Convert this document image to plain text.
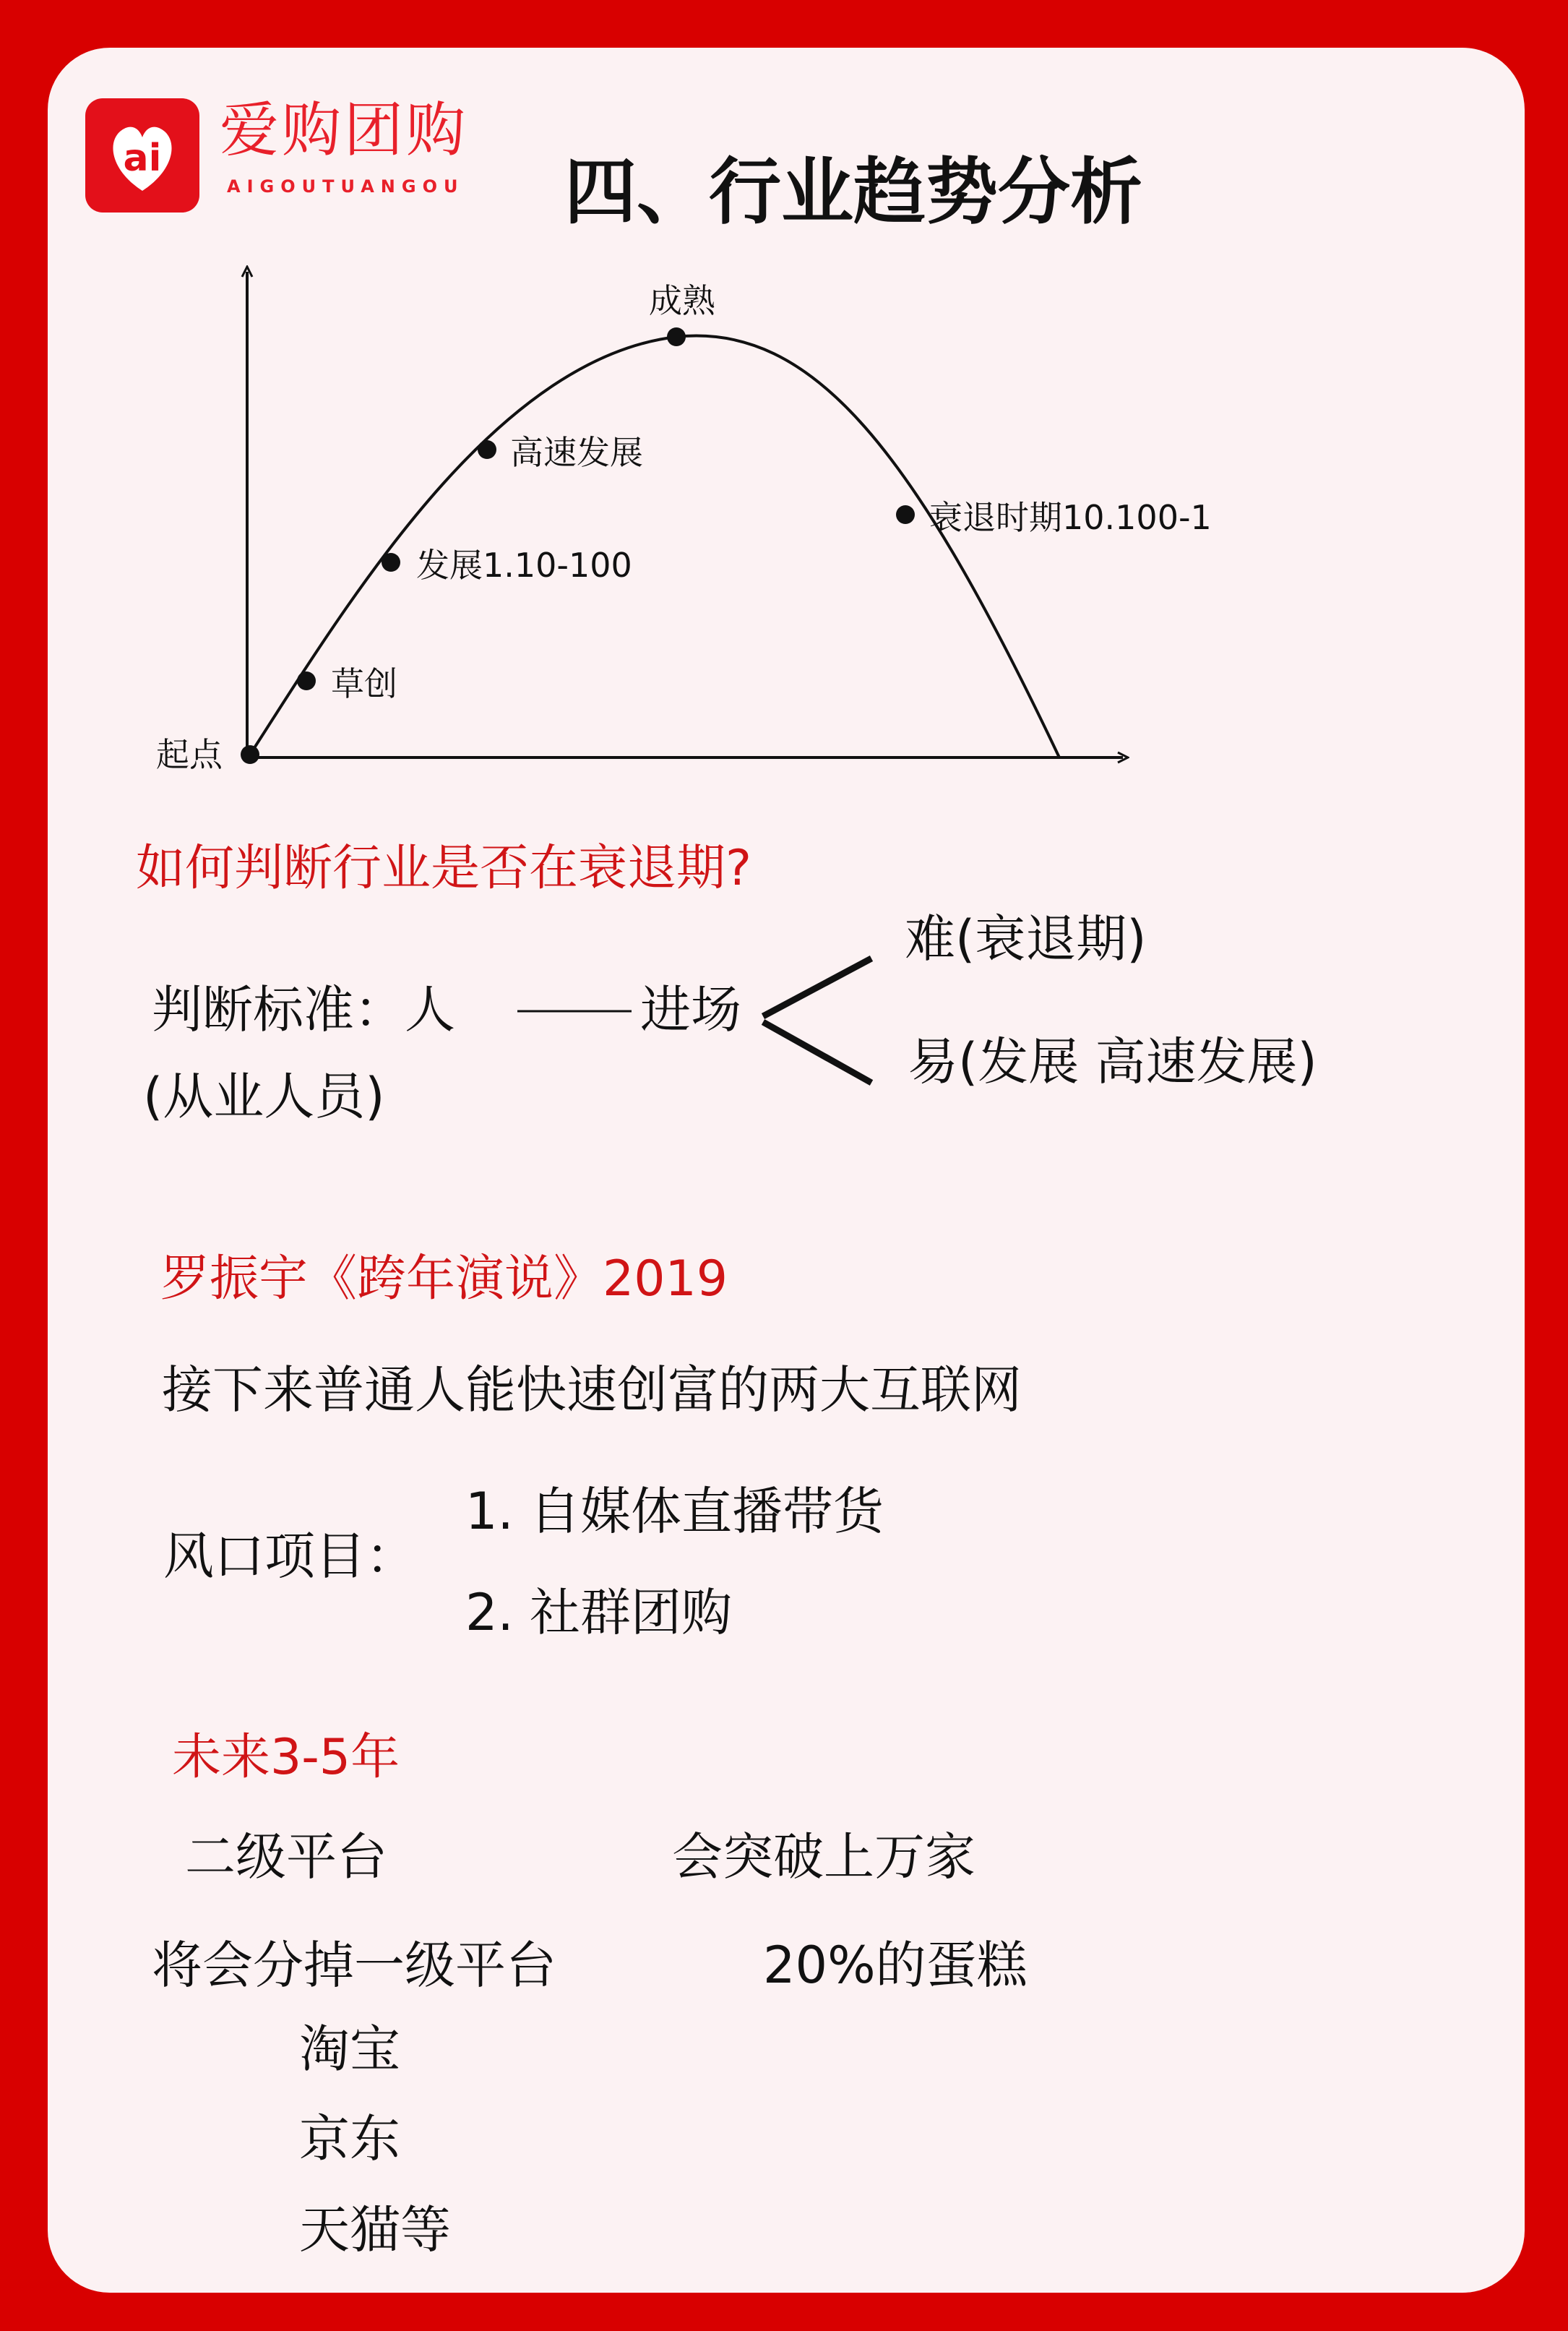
ai 爱购团购
AIGOUTUANGOU 四、行业趋势分析
起点
草创
发展1.10-100
高速发展
成熟
衰退时期10.100-1
如何判断行业是否在衰退期?
判断标准：人	进场
(从业人员)
难(衰退期)
易(发展 高速发展)
罗振宇《跨年演说》2019
接下来普通人能快速创富的两大互联网
风口项目：
1. 自媒体直播带货
2. 社群团购
未来3-5年
二级平台	会突破上万家
将会分掉一级平台	20%的蛋糕
淘宝
京东
天猫等
